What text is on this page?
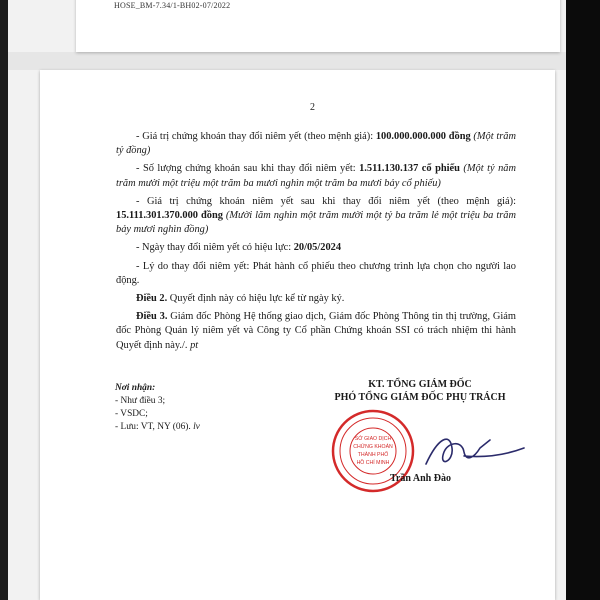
HOSE_BM-7.34/1-BH02-07/2022
2

- Giá trị chứng khoán thay đổi niêm yết (theo mệnh giá): 100.000.000.000 đồng (Một trăm tỷ đồng)

- Số lượng chứng khoán sau khi thay đổi niêm yết: 1.511.130.137 cổ phiếu (Một tỷ năm trăm mười một triệu một trăm ba mươi nghìn một trăm ba mươi bảy cổ phiếu)

- Giá trị chứng khoán niêm yết sau khi thay đổi niêm yết (theo mệnh giá): 15.111.301.370.000 đồng (Mười lăm nghìn một trăm mười một tỷ ba trăm lẻ một triệu ba trăm bảy mươi nghìn đồng)

- Ngày thay đổi niêm yết có hiệu lực: 20/05/2024

- Lý do thay đổi niêm yết: Phát hành cổ phiếu theo chương trình lựa chọn cho người lao động.

Điều 2. Quyết định này có hiệu lực kể từ ngày ký.

Điều 3. Giám đốc Phòng Hệ thống giao dịch, Giám đốc Phòng Thông tin thị trường, Giám đốc Phòng Quản lý niêm yết và Công ty Cổ phần Chứng khoán SSI có trách nhiệm thi hành Quyết định này./. pt

Nơi nhận:
- Như điều 3;
- VSDC;
- Lưu: VT, NY (06). lv
KT. TỔNG GIÁM ĐỐC
PHÓ TỔNG GIÁM ĐỐC PHỤ TRÁCH
SỞ GIAO DỊCH
CHỨNG KHOÁN
THÀNH PHỐ
HỒ CHÍ MINH
Trần Anh Đào
